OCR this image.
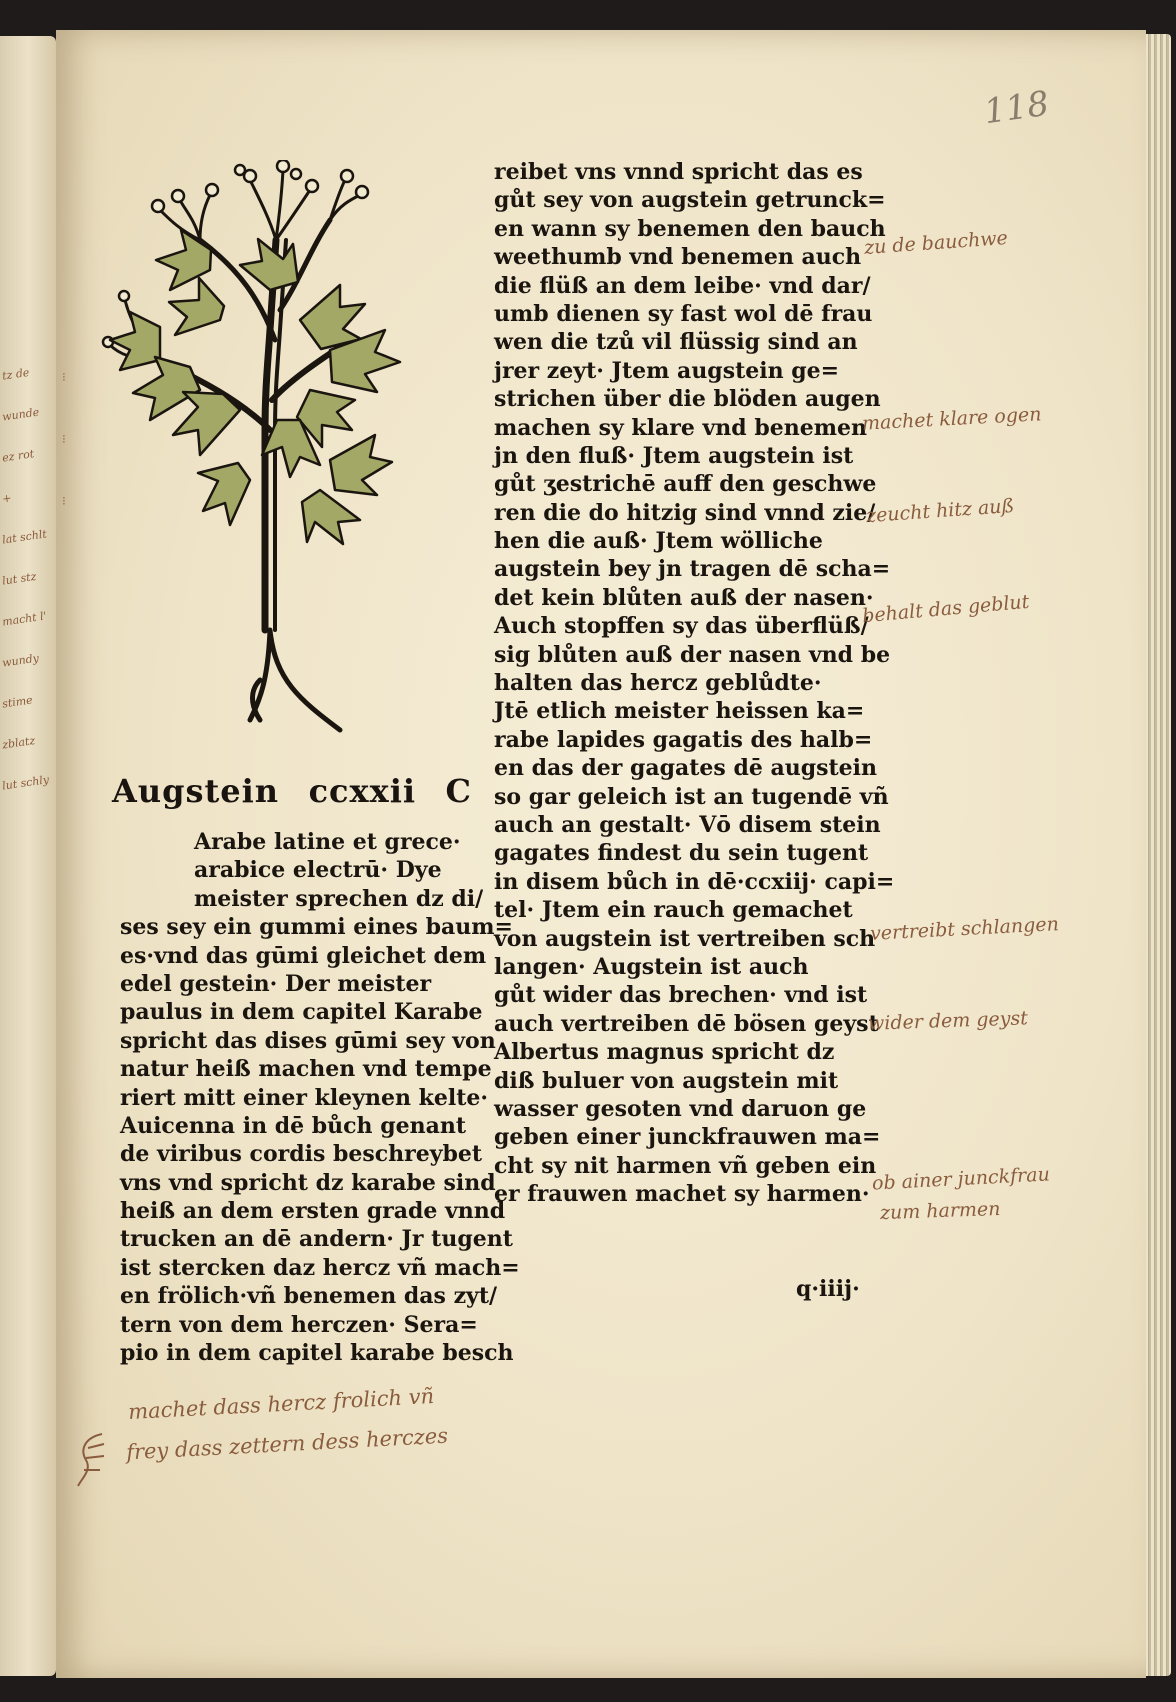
tz de
wunde
ez rot
+
lat schlt
lut stz
macht l'
wundy
stime
zblatz
lut schly
118
⁝
⁝
⁝
Augstein ccxxii C
Arabe latine et grece·
arabice electrū· Dye
meister sprechen dz di/
ses sey ein gummi eines baum=
es·vnd das gūmi gleichet dem
edel gestein· Der meister
paulus in dem capitel Karabe
spricht das dises gūmi sey von
natur heiß machen vnd tempe
riert mitt einer kleynen kelte·
Auicenna in dē bůch genant
de viribus cordis beschreybet
vns vnd spricht dz karabe sind
heiß an dem ersten grade vnnd
trucken an dē andern· Jr tugent
ist stercken daz hercz vñ mach=
en frölich·vñ benemen das zyt/
tern von dem herczen· Sera=
pio in dem capitel karabe besch
reibet vns vnnd spricht das es
gůt sey von augstein getrunck=
en wann sy benemen den bauch
weethumb vnd benemen auch
die flüß an dem leibe· vnd dar/
umb dienen sy fast wol dē frau
wen die tzů vil flüssig sind an
jrer zeyt· Jtem augstein ge=
strichen über die blöden augen
machen sy klare vnd benemen
jn den fluß· Jtem augstein ist
gůt ʒestrichē auff den geschwe
ren die do hitzig sind vnnd zie/
hen die auß· Jtem wölliche
augstein bey jn tragen dē scha=
det kein blůten auß der nasen·
Auch stopffen sy das überflüß/
sig blůten auß der nasen vnd be
halten das hercz geblůdte·
Jtē etlich meister heissen ka=
rabe lapides gagatis des halb=
en das der gagates dē augstein
so gar geleich ist an tugendē vñ
auch an gestalt· Vō disem stein
gagates findest du sein tugent
in disem bůch in dē·ccxiij· capi=
tel· Jtem ein rauch gemachet
von augstein ist vertreiben sch
langen· Augstein ist auch
gůt wider das brechen· vnd ist
auch vertreiben dē bösen geyst
Albertus magnus spricht dz
diß buluer von augstein mit
wasser gesoten vnd daruon ge
geben einer junckfrauwen ma=
cht sy nit harmen vñ geben ein
er frauwen machet sy harmen·
q·iiij·
zu de bauchwe
machet klare ogen
zeucht hitz auß
behalt das geblut
vertreibt schlangen
wider dem geyst
ob ainer junckfrau
zum harmen
machet dass hercz frolich vñ
frey dass zettern dess herczes
